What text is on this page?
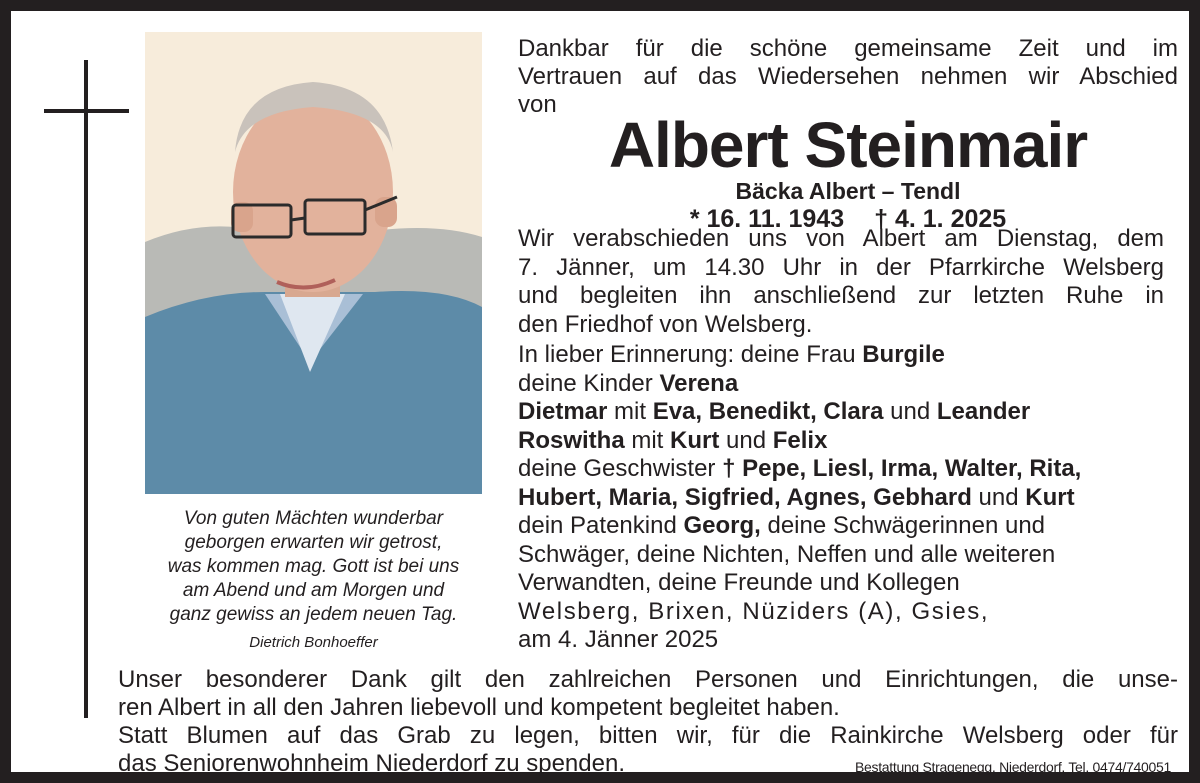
Von guten Mächten wunderbar
geborgen erwarten wir getrost,
was kommen mag. Gott ist bei uns
am Abend und am Morgen und
ganz gewiss an jedem neuen Tag.
Dietrich Bonhoeffer
Dankbar für die schöne gemeinsame Zeit und im
Vertrauen auf das Wiedersehen nehmen wir Abschied
von
Albert Steinmair
Bäcka Albert – Tendl
* 16. 11. 1943 † 4. 1. 2025
Wir verabschieden uns von Albert am Dienstag, dem
7. Jänner, um 14.30 Uhr in der Pfarrkirche Welsberg
und begleiten ihn anschließend zur letzten Ruhe in
den Friedhof von Welsberg.
In lieber Erinnerung: deine Frau Burgile
deine Kinder Verena
Dietmar mit Eva, Benedikt, Clara und Leander
Roswitha mit Kurt und Felix
deine Geschwister † Pepe, Liesl, Irma, Walter, Rita,
Hubert, Maria, Sigfried, Agnes, Gebhard und Kurt
dein Patenkind Georg, deine Schwägerinnen und
Schwäger, deine Nichten, Neffen und alle weiteren
Verwandten, deine Freunde und Kollegen
Welsberg, Brixen, Nüziders (A), Gsies,
am 4. Jänner 2025
Unser besonderer Dank gilt den zahlreichen Personen und Einrichtungen, die unse-
ren Albert in all den Jahren liebevoll und kompetent begleitet haben.
Statt Blumen auf das Grab zu legen, bitten wir, für die Rainkirche Welsberg oder für
das Seniorenwohnheim Niederdorf zu spenden.	Bestattung Stragenegg, Niederdorf, Tel. 0474/740051
